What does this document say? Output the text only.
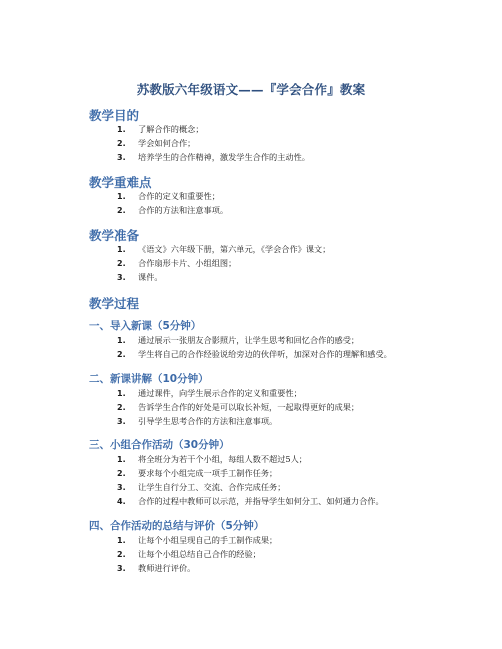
苏教版六年级语文——『学会合作』教案
教学目的
1. 了解合作的概念；
2. 学会如何合作；
3. 培养学生的合作精神，激发学生合作的主动性。
教学重难点
1. 合作的定义和重要性；
2. 合作的方法和注意事项。
教学准备
1. 《语文》六年级下册，第六单元，《学会合作》课文；
2. 合作扇形卡片、小组组图；
3. 课件。
教学过程
一、导入新课（5分钟）
1. 通过展示一张朋友合影照片，让学生思考和回忆合作的感受；
2. 学生将自己的合作经验说给旁边的伙伴听，加深对合作的理解和感受。
二、新课讲解（10分钟）
1. 通过课件，向学生展示合作的定义和重要性；
2. 告诉学生合作的好处是可以取长补短，一起取得更好的成果；
3. 引导学生思考合作的方法和注意事项。
三、小组合作活动（30分钟）
1. 将全班分为若干个小组，每组人数不超过5人；
2. 要求每个小组完成一项手工制作任务；
3. 让学生自行分工、交流、合作完成任务；
4. 合作的过程中教师可以示范，并指导学生如何分工、如何通力合作。
四、合作活动的总结与评价（5分钟）
1. 让每个小组呈现自己的手工制作成果；
2. 让每个小组总结自己合作的经验；
3. 教师进行评价。
